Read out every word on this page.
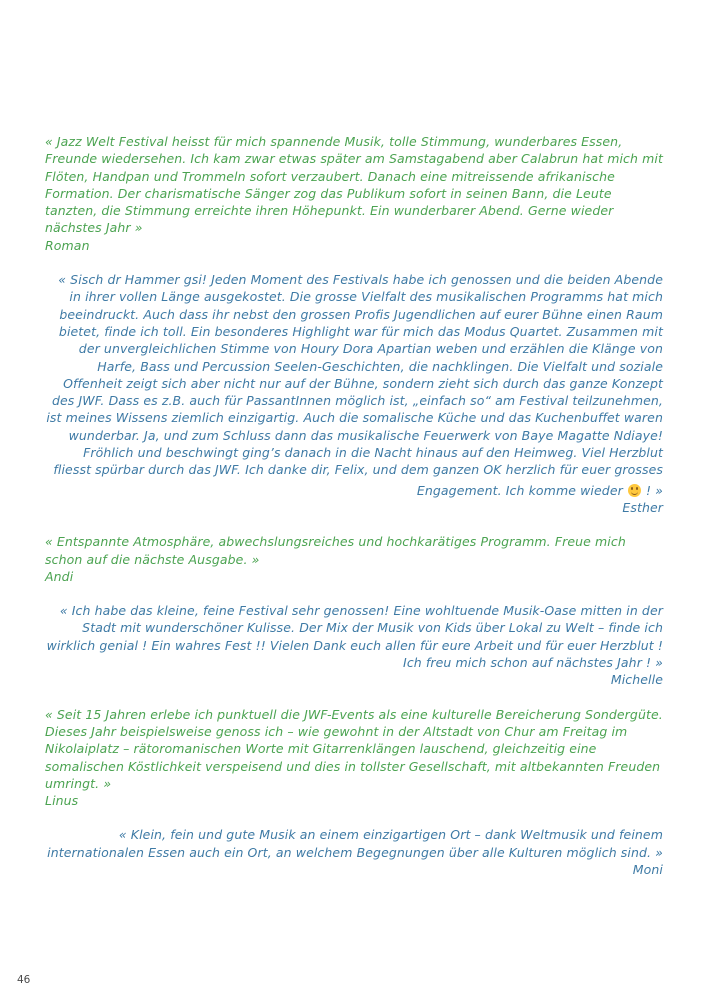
« Jazz Welt Festival heisst für mich spannende Musik, tolle Stimmung, wunderbares Essen, Freunde wiedersehen. Ich kam zwar etwas später am Samstagabend aber Calabrun hat mich mit Flöten, Handpan und Trommeln sofort verzaubert. Danach eine mitreissende afrikanische Formation. Der charismatische Sänger zog das Publikum sofort in seinen Bann, die Leute tanzten, die Stimmung erreichte ihren Höhepunkt. Ein wunderbarer Abend. Gerne wieder nächstes Jahr »

Roman

« Sisch dr Hammer gsi! Jeden Moment des Festivals habe ich genossen und die beiden Abende in ihrer vollen Länge ausgekostet. Die grosse Vielfalt des musikalischen Programms hat mich beeindruckt. Auch dass ihr nebst den grossen Profis Jugendlichen auf eurer Bühne einen Raum bietet, finde ich toll. Ein besonderes Highlight war für mich das Modus Quartet. Zusammen mit der unvergleichlichen Stimme von Houry Dora Apartian weben und erzählen die Klänge von Harfe, Bass und Percussion Seelen-Geschichten, die nachklingen. Die Vielfalt und soziale Offenheit zeigt sich aber nicht nur auf der Bühne, sondern zieht sich durch das ganze Konzept des JWF. Dass es z.B. auch für PassantInnen möglich ist, „einfach so“ am Festival teilzunehmen, ist meines Wissens ziemlich einzigartig. Auch die somalische Küche und das Kuchenbuffet waren wunderbar. Ja, und zum Schluss dann das musikalische Feuerwerk von Baye Magatte Ndiaye! Fröhlich und beschwingt ging’s danach in die Nacht hinaus auf den Heimweg. Viel Herzblut fliesst spürbar durch das JWF. Ich danke dir, Felix, und dem ganzen OK herzlich für euer grosses

Engagement. Ich komme wieder  ! »

Esther

« Entspannte Atmosphäre, abwechslungsreiches und hochkarätiges Programm. Freue mich schon auf die nächste Ausgabe. »

Andi

« Ich habe das kleine, feine Festival sehr genossen! Eine wohltuende Musik-Oase mitten in der Stadt mit wunderschöner Kulisse. Der Mix der Musik von Kids über Lokal zu Welt – finde ich wirklich genial ! Ein wahres Fest !! Vielen Dank euch allen für eure Arbeit und für euer Herzblut ! Ich freu mich schon auf nächstes Jahr ! »

Michelle

« Seit 15 Jahren erlebe ich punktuell die JWF-Events als eine kulturelle Bereicherung Sondergüte. Dieses Jahr beispielsweise genoss ich – wie gewohnt in der Altstadt von Chur am Freitag im Nikolaiplatz – rätoromanischen Worte mit Gitarrenklängen lauschend, gleichzeitig eine somalischen Köstlichkeit verspeisend und dies in tollster Gesellschaft, mit altbekannten Freuden umringt. »

Linus

« Klein, fein und gute Musik an einem einzigartigen Ort – dank Weltmusik und feinem internationalen Essen auch ein Ort, an welchem Begegnungen über alle Kulturen möglich sind. »

Moni

46
